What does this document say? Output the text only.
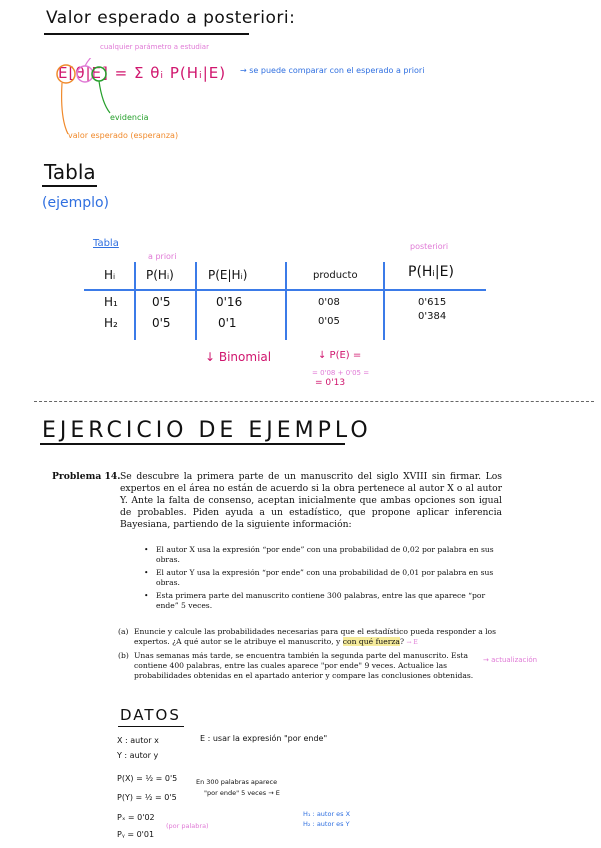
Valor esperado a posteriori:
cualquier parámetro a estudiar
E[θ|E] = Σ θᵢ P(Hᵢ|E) → se puede comparar con el esperado a priori
evidencia
valor esperado (esperanza)
Tabla
(ejemplo)
Tabla
a priori
posteriori
Hᵢ	P(Hᵢ)	P(E|Hᵢ)	producto	P(Hᵢ|E)
H₁	0'5	0'16	0'08	0'615
H₂	0'5	0'1	0'05	0'384
↓ Binomial	↓ P(E) =
= 0'08 + 0'05 =
= 0'13
EJERCICIO DE EJEMPLO
Problema 14. Se descubre la primera parte de un manuscrito del siglo XVIII sin firmar. Los expertos en el área no están de acuerdo si la obra pertenece al autor X o al autor Y. Ante la falta de consenso, aceptan inicialmente que ambas opciones son igual de probables. Piden ayuda a un estadístico, que propone aplicar inferencia Bayesiana, partiendo de la siguiente información:
• El autor X usa la expresión “por ende” con una probabilidad de 0,02 por palabra en sus obras.
• El autor Y usa la expresión “por ende” con una probabilidad de 0,01 por palabra en sus obras.
• Esta primera parte del manuscrito contiene 300 palabras, entre las que aparece “por ende” 5 veces.
(a) Enuncie y calcule las probabilidades necesarias para que el estadístico pueda responder a los expertos. ¿A qué autor se le atribuye el manuscrito, y con qué fuerza? → E
(b) Unas semanas más tarde, se encuentra también la segunda parte del manuscrito. Esta contiene 400 palabras, entre las cuales aparece "por ende" 9 veces. Actualice las probabilidades obtenidas en el apartado anterior y compare las conclusiones obtenidas.
→ actualización
DATOS
X : autor x
Y : autor y
E : usar la expresión "por ende"
P(X) = ½ = 0'5
P(Y) = ½ = 0'5
En 300 palabras aparece
"por ende" 5 veces → E
Pₓ = 0'02
Pᵧ = 0'01
(por palabra)
H₁ : autor es X
H₂ : autor es Y
